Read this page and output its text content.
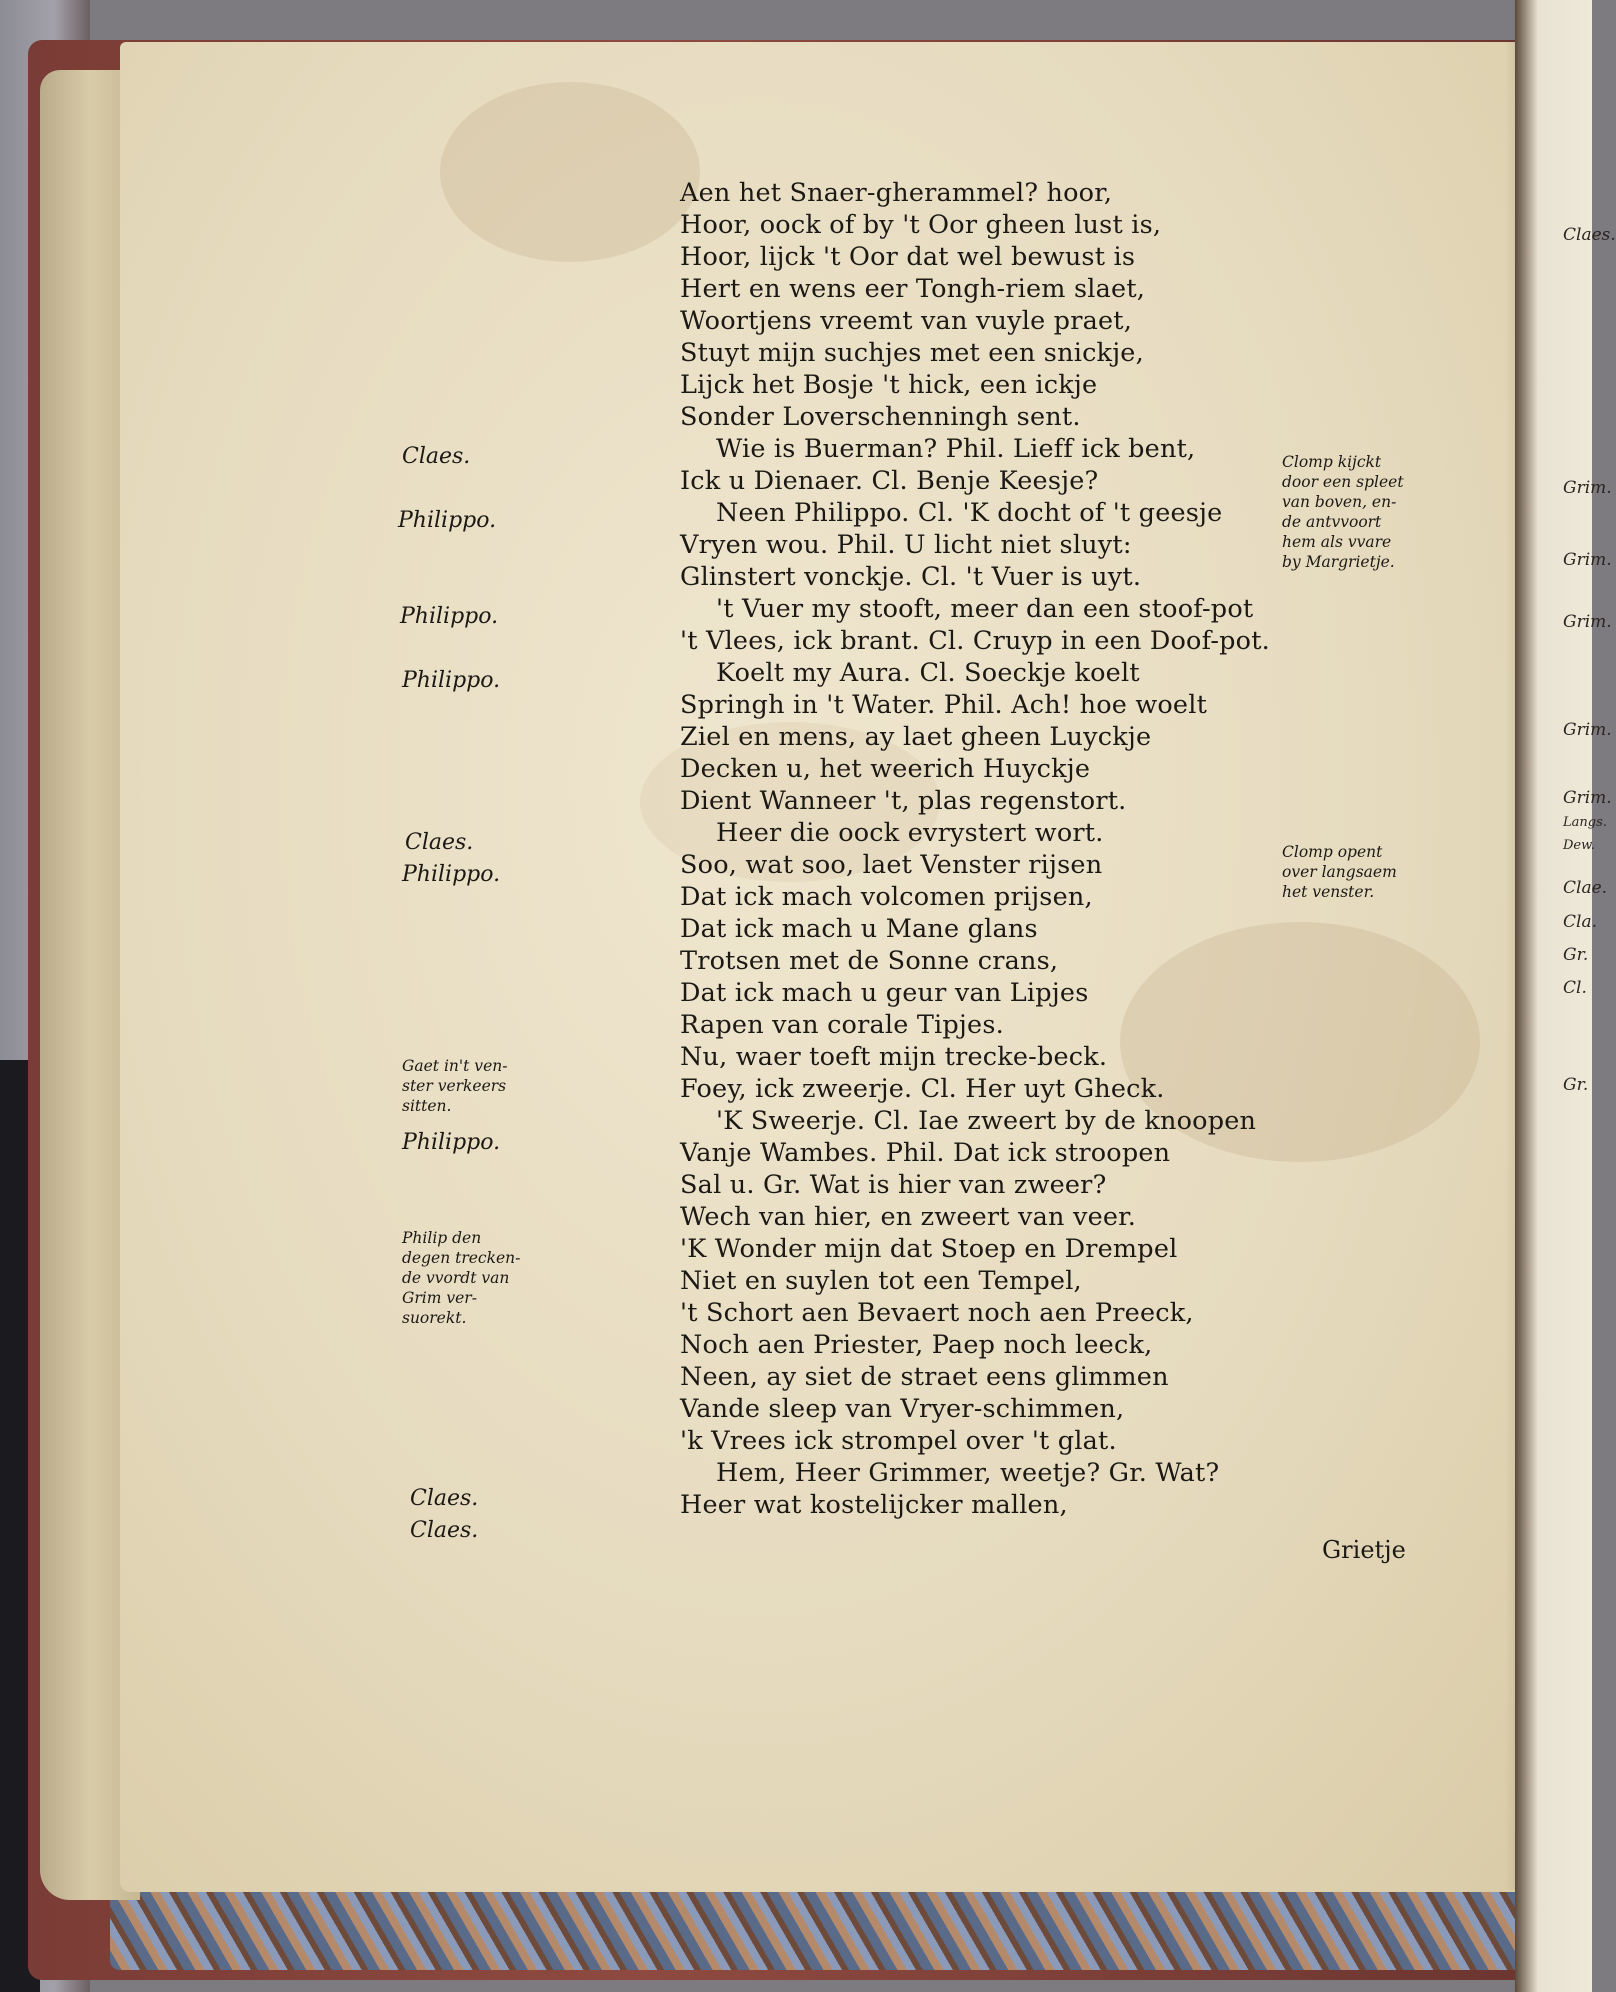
Claes.
Grim.
Grim.
Grim.
Grim.
Grim.
Langs.
Dew.
Clae.
Cla.
Gr.
Cl.
Gr.
Aen het Snaer-gherammel? hoor,
Hoor, oock of by 't Oor gheen lust is,
Hoor, lijck 't Oor dat wel bewust is
Hert en wens eer Tongh-riem slaet,
Woortjens vreemt van vuyle praet,
Stuyt mijn suchjes met een snickje,
Lijck het Bosje 't hick, een ickje
Sonder Loverschenningh sent.
Wie is Buerman? Phil. Lieff ick bent,
Ick u Dienaer. Cl. Benje Keesje?
Neen Philippo. Cl. 'K docht of 't geesje
Vryen wou. Phil. U licht niet sluyt:
Glinstert vonckje. Cl. 't Vuer is uyt.
't Vuer my stooft, meer dan een stoof-pot
't Vlees, ick brant. Cl. Cruyp in een Doof-pot.
Koelt my Aura. Cl. Soeckje koelt
Springh in 't Water. Phil. Ach! hoe woelt
Ziel en mens, ay laet gheen Luyckje
Decken u, het weerich Huyckje
Dient Wanneer 't, plas regenstort.
Heer die oock evrystert wort.
Soo, wat soo, laet Venster rijsen
Dat ick mach volcomen prijsen,
Dat ick mach u Mane glans
Trotsen met de Sonne crans,
Dat ick mach u geur van Lipjes
Rapen van corale Tipjes.
Nu, waer toeft mijn trecke-beck.
Foey, ick zweerje. Cl. Her uyt Gheck.
'K Sweerje. Cl. Iae zweert by de knoopen
Vanje Wambes. Phil. Dat ick stroopen
Sal u. Gr. Wat is hier van zweer?
Wech van hier, en zweert van veer.
'K Wonder mijn dat Stoep en Drempel
Niet en suylen tot een Tempel,
't Schort aen Bevaert noch aen Preeck,
Noch aen Priester, Paep noch leeck,
Neen, ay siet de straet eens glimmen
Vande sleep van Vryer-schimmen,
'k Vrees ick strompel over 't glat.
Hem, Heer Grimmer, weetje? Gr. Wat?
Heer wat kostelijcker mallen,
Claes.
Philippo.
Philippo.
Philippo.
Claes.
Philippo.
Philippo.
Claes.
Claes.
Gaet in't ven-
ster verkeers
sitten.
Philip den
degen trecken-
de vvordt van
Grim ver-
suorekt.
Clomp kijckt
door een spleet
van boven, en-
de antvvoort
hem als vvare
by Margrietje.
Clomp opent
over langsaem
het venster.
Grietje
